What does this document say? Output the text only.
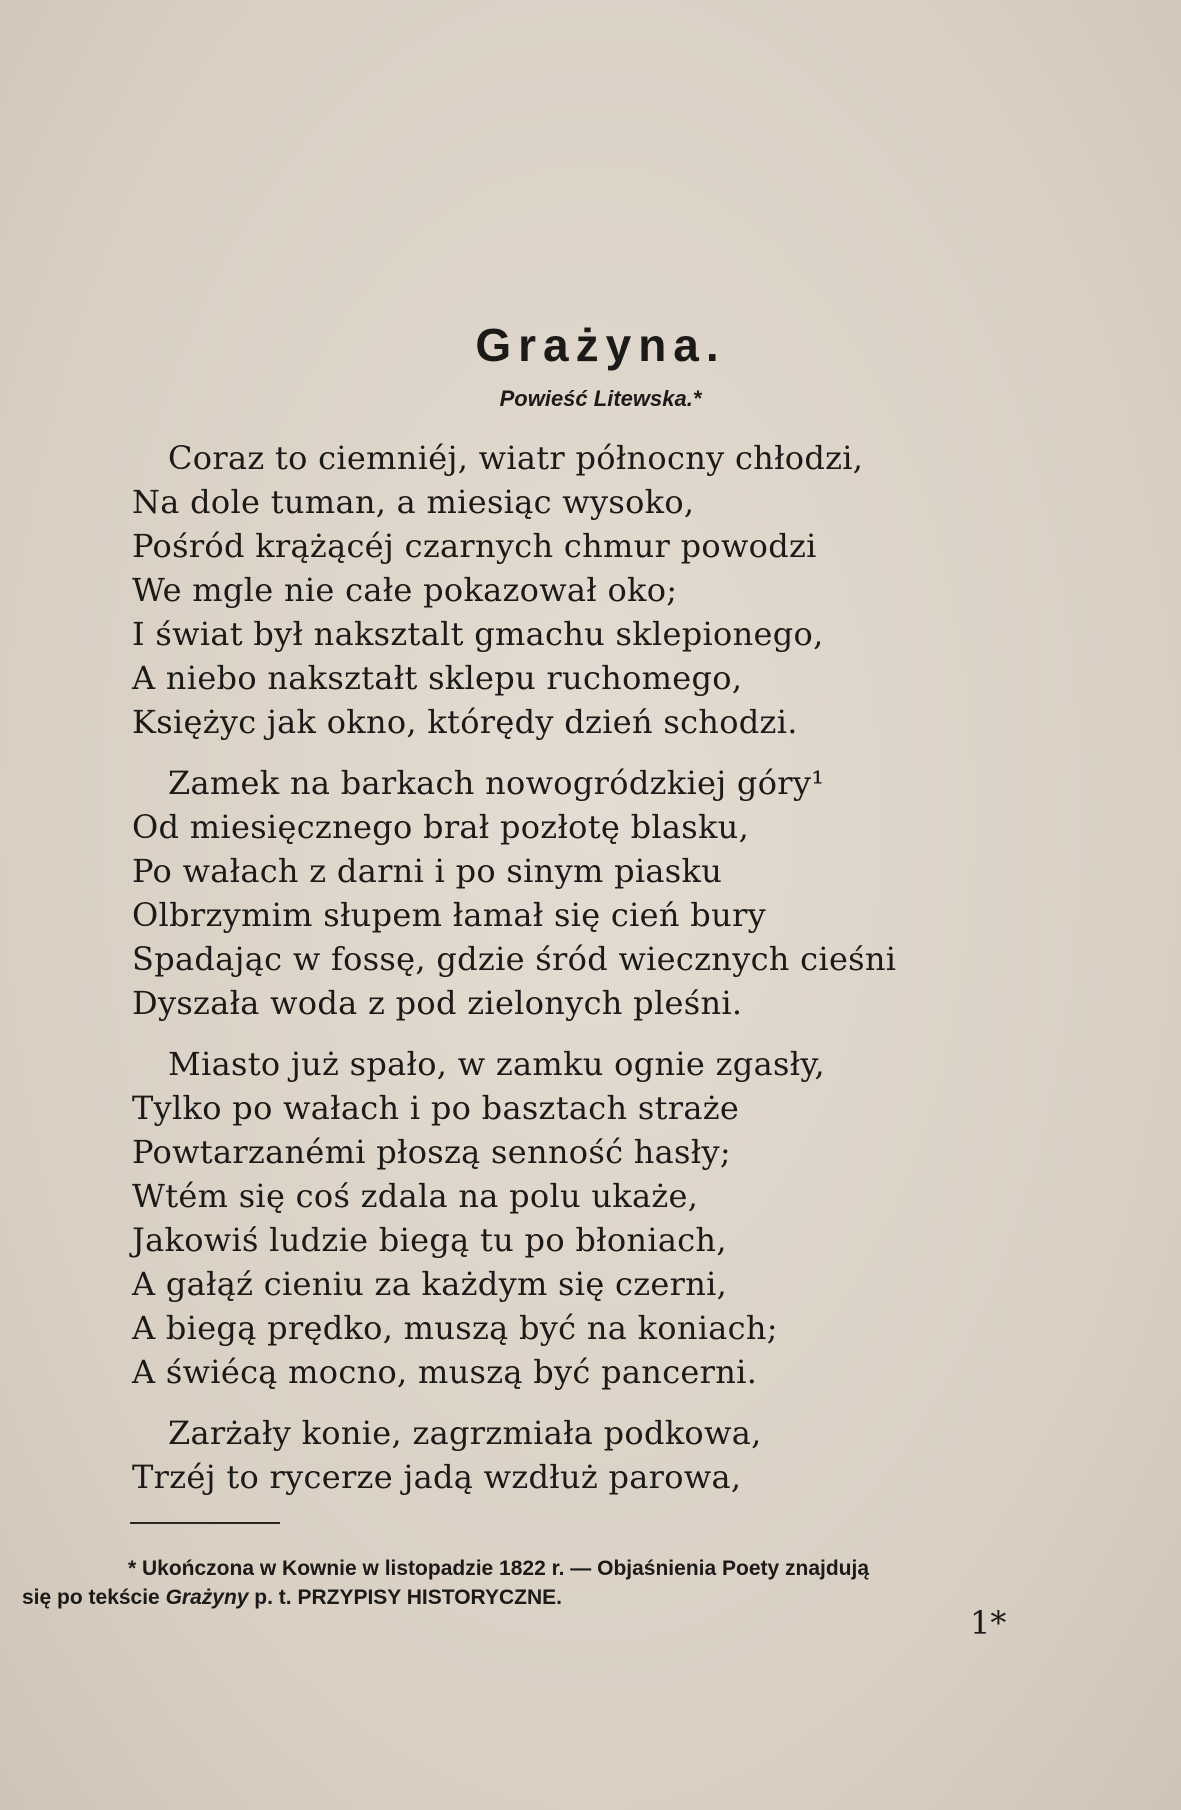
Grażyna.
Powieść Litewska.*
Coraz to ciemniéj, wiatr północny chłodzi,
Na dole tuman, a miesiąc wysoko,
Pośród krążącéj czarnych chmur powodzi
We mgle nie całe pokazował oko;
I świat był naksztalt gmachu sklepionego,
A niebo nakształt sklepu ruchomego,
Księżyc jak okno, którędy dzień schodzi.
Zamek na barkach nowogródzkiej góry¹
Od miesięcznego brał pozłotę blasku,
Po wałach z darni i po sinym piasku
Olbrzymim słupem łamał się cień bury
Spadając w fossę, gdzie śród wiecznych cieśni
Dyszała woda z pod zielonych pleśni.
Miasto już spało, w zamku ognie zgasły,
Tylko po wałach i po basztach straże
Powtarzanémi płoszą senność hasły;
Wtém się coś zdala na polu ukaże,
Jakowiś ludzie biegą tu po błoniach,
A gałąź cieniu za każdym się czerni,
A biegą prędko, muszą być na koniach;
A świécą mocno, muszą być pancerni.
Zarżały konie, zagrzmiała podkowa,
Trzéj to rycerze jadą wzdłuż parowa,
* Ukończona w Kownie w listopadzie 1822 r. — Objaśnienia Poety znajdują
się po tekście Grażyny p. t. PRZYPISY HISTORYCZNE.
1*
